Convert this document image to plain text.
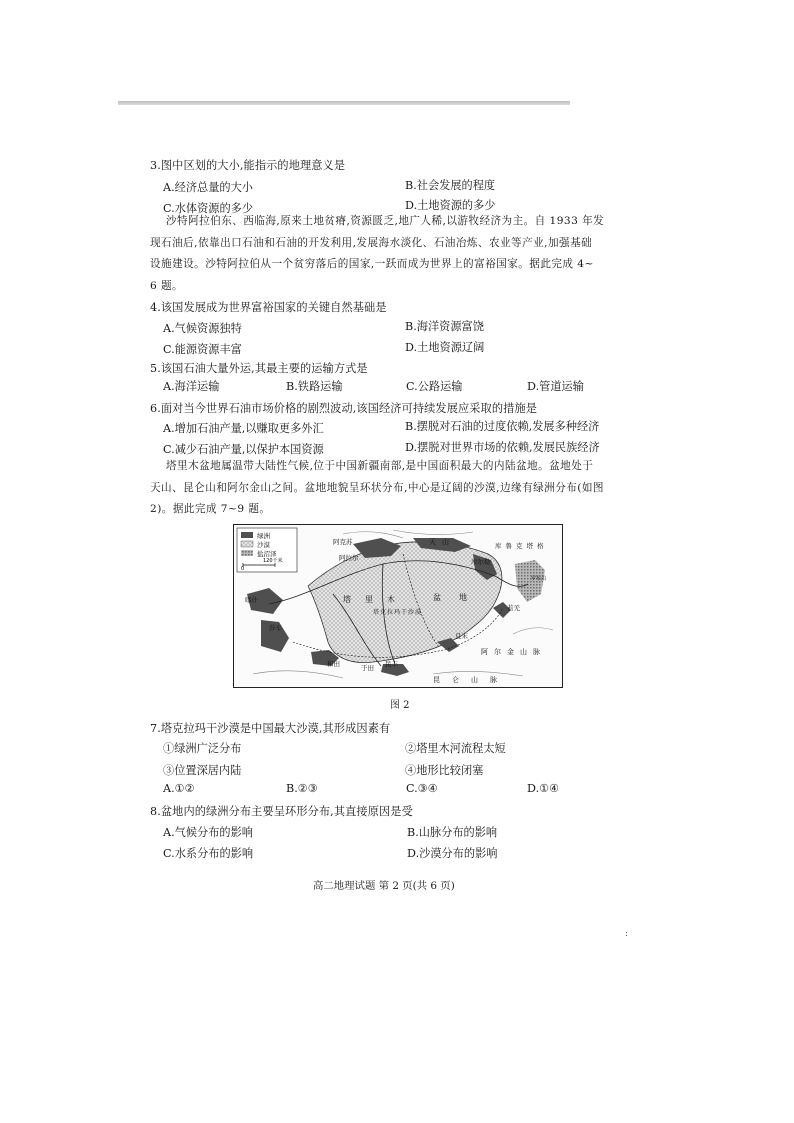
3.图中区划的大小,能指示的地理意义是
A.经济总量的大小	B.社会发展的程度
C.水体资源的多少	D.土地资源的多少
沙特阿拉伯东、西临海,原来土地贫瘠,资源匮乏,地广人稀,以游牧经济为主。自 1933 年发
现石油后,依靠出口石油和石油的开发利用,发展海水淡化、石油冶炼、农业等产业,加强基础
设施建设。沙特阿拉伯从一个贫穷落后的国家,一跃而成为世界上的富裕国家。据此完成 4~
6 题。
4.该国发展成为世界富裕国家的关键自然基础是
A.气候资源独特	B.海洋资源富饶
C.能源资源丰富	D.土地资源辽阔
5.该国石油大量外运,其最主要的运输方式是
A.海洋运输	B.铁路运输	C.公路运输	D.管道运输
6.面对当今世界石油市场价格的剧烈波动,该国经济可持续发展应采取的措施是
A.增加石油产量,以赚取更多外汇	B.摆脱对石油的过度依赖,发展多种经济
C.减少石油产量,以保护本国资源	D.摆脱对世界市场的依赖,发展民族经济
塔里木盆地属温带大陆性气候,位于中国新疆南部,是中国面积最大的内陆盆地。盆地处于
天山、昆仑山和阿尔金山之间。盆地地貌呈环状分布,中心是辽阔的沙漠,边缘有绿洲分布(如图
2)。据此完成 7~9 题。
绿洲
沙漠
盐沼泽
0
120千米
阿克苏
阿拉尔
天山
库尔勒
库鲁克塔格
喀什
莎车
塔里木	盆地
塔克拉玛干沙漠
和田	于田 民丰
且末
若羌
罗布泊
阿尔金山脉
昆仑山脉
图 2
7.塔克拉玛干沙漠是中国最大沙漠,其形成因素有
①绿洲广泛分布	②塔里木河流程太短
③位置深居内陆	④地形比较闭塞
A.①②	B.②③	C.③④	D.①④
8.盆地内的绿洲分布主要呈环形分布,其直接原因是受
A.气候分布的影响	B.山脉分布的影响
C.水系分布的影响	D.沙漠分布的影响
高二地理试题 第 2 页(共 6 页)
:
